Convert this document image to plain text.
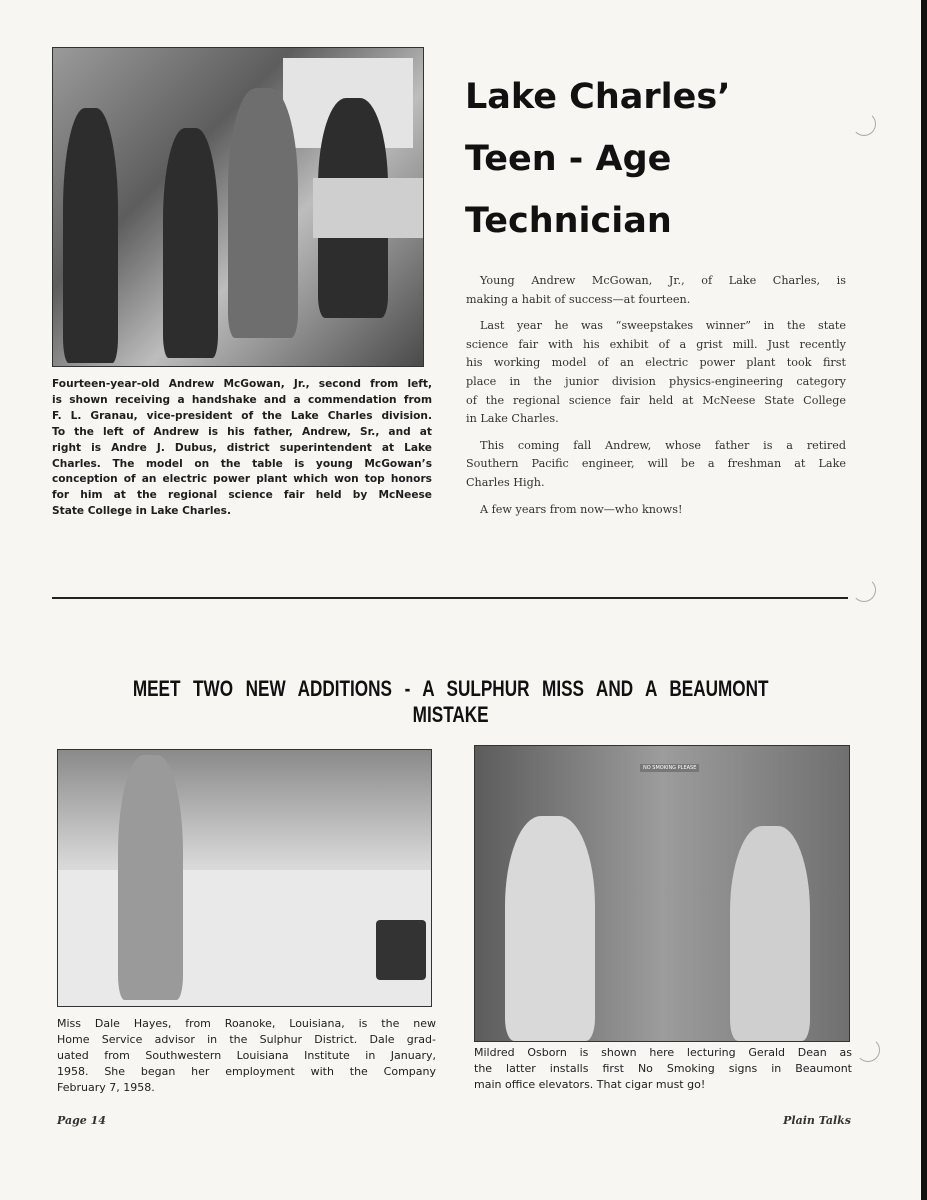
Lake Charles’
Teen - Age
Technician
Young Andrew McGowan, Jr., of Lake Charles, is
making a habit of success—at fourteen.
Last year he was “sweepstakes winner” in the state
science fair with his exhibit of a grist mill. Just recently
his working model of an electric power plant took first
place in the junior division physics-engineering category
of the regional science fair held at McNeese State College
in Lake Charles.
This coming fall Andrew, whose father is a retired
Southern Pacific engineer, will be a freshman at Lake
Charles High.
A few years from now—who knows!
Fourteen-year-old Andrew McGowan, Jr., second from left,
is shown receiving a handshake and a commendation from
F. L. Granau, vice-president of the Lake Charles division.
To the left of Andrew is his father, Andrew, Sr., and at
right is Andre J. Dubus, district superintendent at Lake
Charles. The model on the table is young McGowan’s
conception of an electric power plant which won top honors
for him at the regional science fair held by McNeese
State College in Lake Charles.
MEET TWO NEW ADDITIONS - A SULPHUR MISS AND A BEAUMONT MISTAKE
NO SMOKING PLEASE
Miss Dale Hayes, from Roanoke, Louisiana, is the new
Home Service advisor in the Sulphur District. Dale grad-
uated from Southwestern Louisiana Institute in January,
1958. She began her employment with the Company
February 7, 1958.
Mildred Osborn is shown here lecturing Gerald Dean as
the latter installs first No Smoking signs in Beaumont
main office elevators. That cigar must go!
Page 14	Plain Talks
